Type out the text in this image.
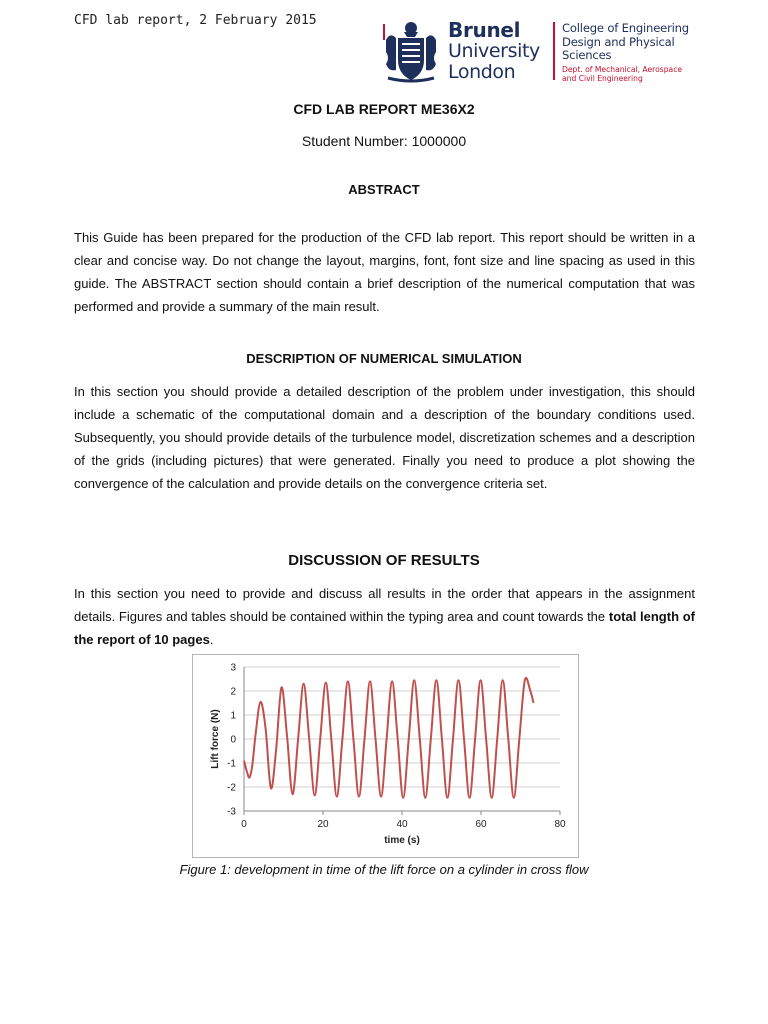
CFD lab report, 2 February 2015	Brunel
University
London
College of Engineering
Design and Physical
Sciences
Dept. of Mechanical, Aerospace
and Civil Engineering
CFD LAB REPORT ME36X2
Student Number: 1000000
ABSTRACT

This Guide has been prepared for the production of the CFD lab report. This report should be written in a clear and concise way. Do not change the layout, margins, font, font size and line spacing as used in this guide. The ABSTRACT section should contain a brief description of the numerical computation that was performed and provide a summary of the main result.

DESCRIPTION OF NUMERICAL SIMULATION

In this section you should provide a detailed description of the problem under investigation, this should include a schematic of the computational domain and a description of the boundary conditions used. Subsequently, you should provide details of the turbulence model, discretization schemes and a description of the grids (including pictures) that were generated. Finally you need to produce a plot showing the convergence of the calculation and provide details on the convergence criteria set.

DISCUSSION OF RESULTS

In this section you need to provide and discuss all results in the order that appears in the assignment details. Figures and tables should be contained within the typing area and count towards the total length of the report of 10 pages.

-3
-2
-1
0
1
2
3
0	20	40	60	80
time (s)
Lift force (N)
Figure 1: development in time of the lift force on a cylinder in cross flow
